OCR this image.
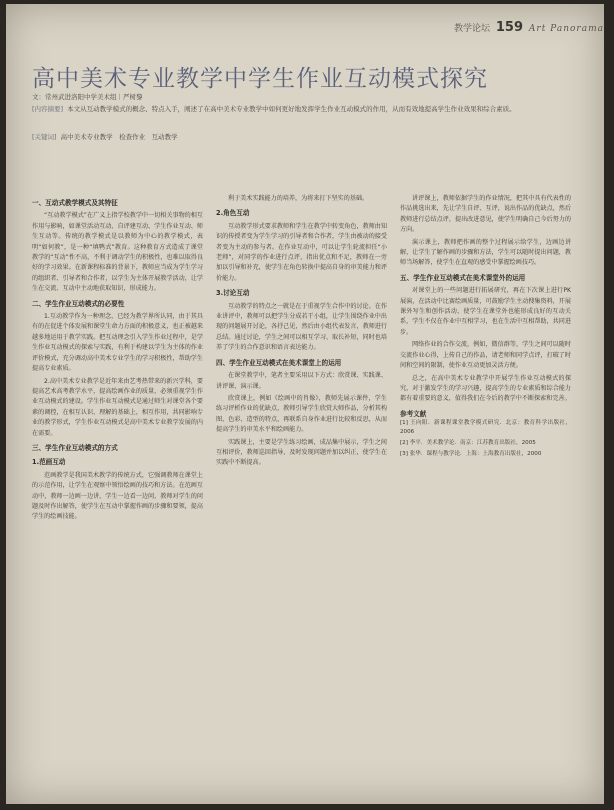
教学论坛 159 Art Panorama
高中美术专业教学中学生作业互动模式探究
文：常州武进洛阳中学美术组｜严树黎
[内容摘要] 本文从互动教学模式的概念、特点入手，阐述了在高中美术专业教学中如何更好地发挥学生作业互动模式的作用，从而有效地提高学生作业效果和综合素质。
[关键词] 高中美术专业教学　检查作业　互动教学
一、互动式教学模式及其特征

“互动教学模式”在广义上指学校教学中一切相关事物的相互作用与影响，如课堂活动互动、自评建互动、学生作业互动、师生互动等。传统的教学模式是以教师为中心的教学模式，表明“如何教”，是一种“填鸭式”教育。这种教育方式造成了课堂教学的“互动”性不高，不利于调动学生的积极性，也难以取得良好的学习效果。在新课程标准的背景下，教师应当成为学生学习的组织者、引导者和合作者，以学生为主体开展教学活动，让学生在交流、互动中主动地获取知识，形成能力。

二、学生作业互动模式的必要性

1.互动教学作为一种理念，已经为教学界所认同，由于其具有的在促进个体发展和课堂生命力方面的积极意义，也正被越来越多地运用于教学实践。把互动理念引入学生作业过程中，是学生作业互动模式的探索与实践，有利于构建以学生为主体的作业评价模式，充分调动高中美术专业学生的学习积极性，帮助学生提高专业素质。

2.高中美术专业教学是近年来由艺考热带来的新兴学科，要提高艺术高考教学水平，提高绘画作业的质量，必须重视学生作业互动模式的建设。学生作业互动模式是通过师生对课堂各个要素的调控，在相互认识、理解的基础上，相互作用，共同影响专业的教学形式，学生作业互动模式是高中美术专业教学发展的内在需要。

三、学生作业互动模式的方式
1.范画互动

范画教学是我国美术教学的传统方式，它强调教师在课堂上的示范作用，让学生在观察中领悟绘画的技巧和方法。在范画互动中，教师一边画一边讲，学生一边看一边问，教师对学生的问题及时作出解答，使学生在互动中掌握作画的步骤和要领，提高学生的绘画技能。

利于美术实践能力的培养，为将来打下坚实的基础。

2.角色互动

互动教学形式要求教师和学生在教学中转变角色，教师由知识的传授者变为学生学习的引导者和合作者，学生由被动的接受者变为主动的参与者。在作业互动中，可以让学生轮流担任“小老师”，对同学的作业进行点评，指出优点和不足，教师在一旁加以引导和补充，使学生在角色转换中提高自身的审美能力和评价能力。

3.讨论互动

互动教学的特点之一就是在于重视学生合作中的讨论。在作业讲评中，教师可以把学生分成若干小组，让学生围绕作业中出现的问题展开讨论，各抒己见，然后由小组代表发言，教师进行总结。通过讨论，学生之间可以相互学习、取长补短，同时也培养了学生的合作意识和语言表达能力。

四、学生作业互动模式在美术课堂上的运用

在课堂教学中，笔者主要采用以下方式：欣赏课、实践课、讲评课、演示课。

欣赏课上，例如《绘画中的肖像》，教师先展示课件，学生练习评析作业的优缺点，教师引导学生欣赏大师作品，分析其构图、色彩、造型的特点，再联系自身作业进行比较和反思，从而提高学生的审美水平和绘画能力。

实践课上，主要是学生练习绘画，成品集中展示，学生之间互相评价，教师巡回指导，及时发现问题并加以纠正，使学生在实践中不断提高。

讲评课上，教师依据学生的作业情况，把其中具有代表性的作品挑选出来，先让学生自评、互评，说出作品的优缺点，然后教师进行总结点评，提出改进意见，使学生明确自己今后努力的方向。

演示课上，教师把作画的整个过程展示给学生，边画边讲解，让学生了解作画的步骤和方法，学生可以随时提出问题，教师当场解答，使学生在直观的感受中掌握绘画技巧。

五、学生作业互动模式在美术课堂外的运用

对课堂上的一些问题进行拓展研究，再在下次课上进行PK展演，在活动中比赛绘画质量，可鼓励学生主动搜集资料，开展课外写生和创作活动，使学生在课堂外也能形成良好的互动关系，学生不仅在作业中互相学习，也在生活中互相帮助，共同进步。

网络作业的合作交流，例如，微信群等，学生之间可以随时交流作业心得，上传自己的作品，请老师和同学点评，打破了时间和空间的限制，使作业互动更加灵活方便。

总之，在高中美术专业教学中开展学生作业互动模式的探究，对于激发学生的学习兴趣，提高学生的专业素质和综合能力都有着重要的意义，值得我们在今后的教学中不断探索和完善。

参考文献

[1] 王向阳．新课程课堂教学模式研究．北京：教育科学出版社，2006

[2] 李平．美术教学论．南京：江苏教育出版社，2005

[3] 张华．课程与教学论．上海：上海教育出版社，2000
